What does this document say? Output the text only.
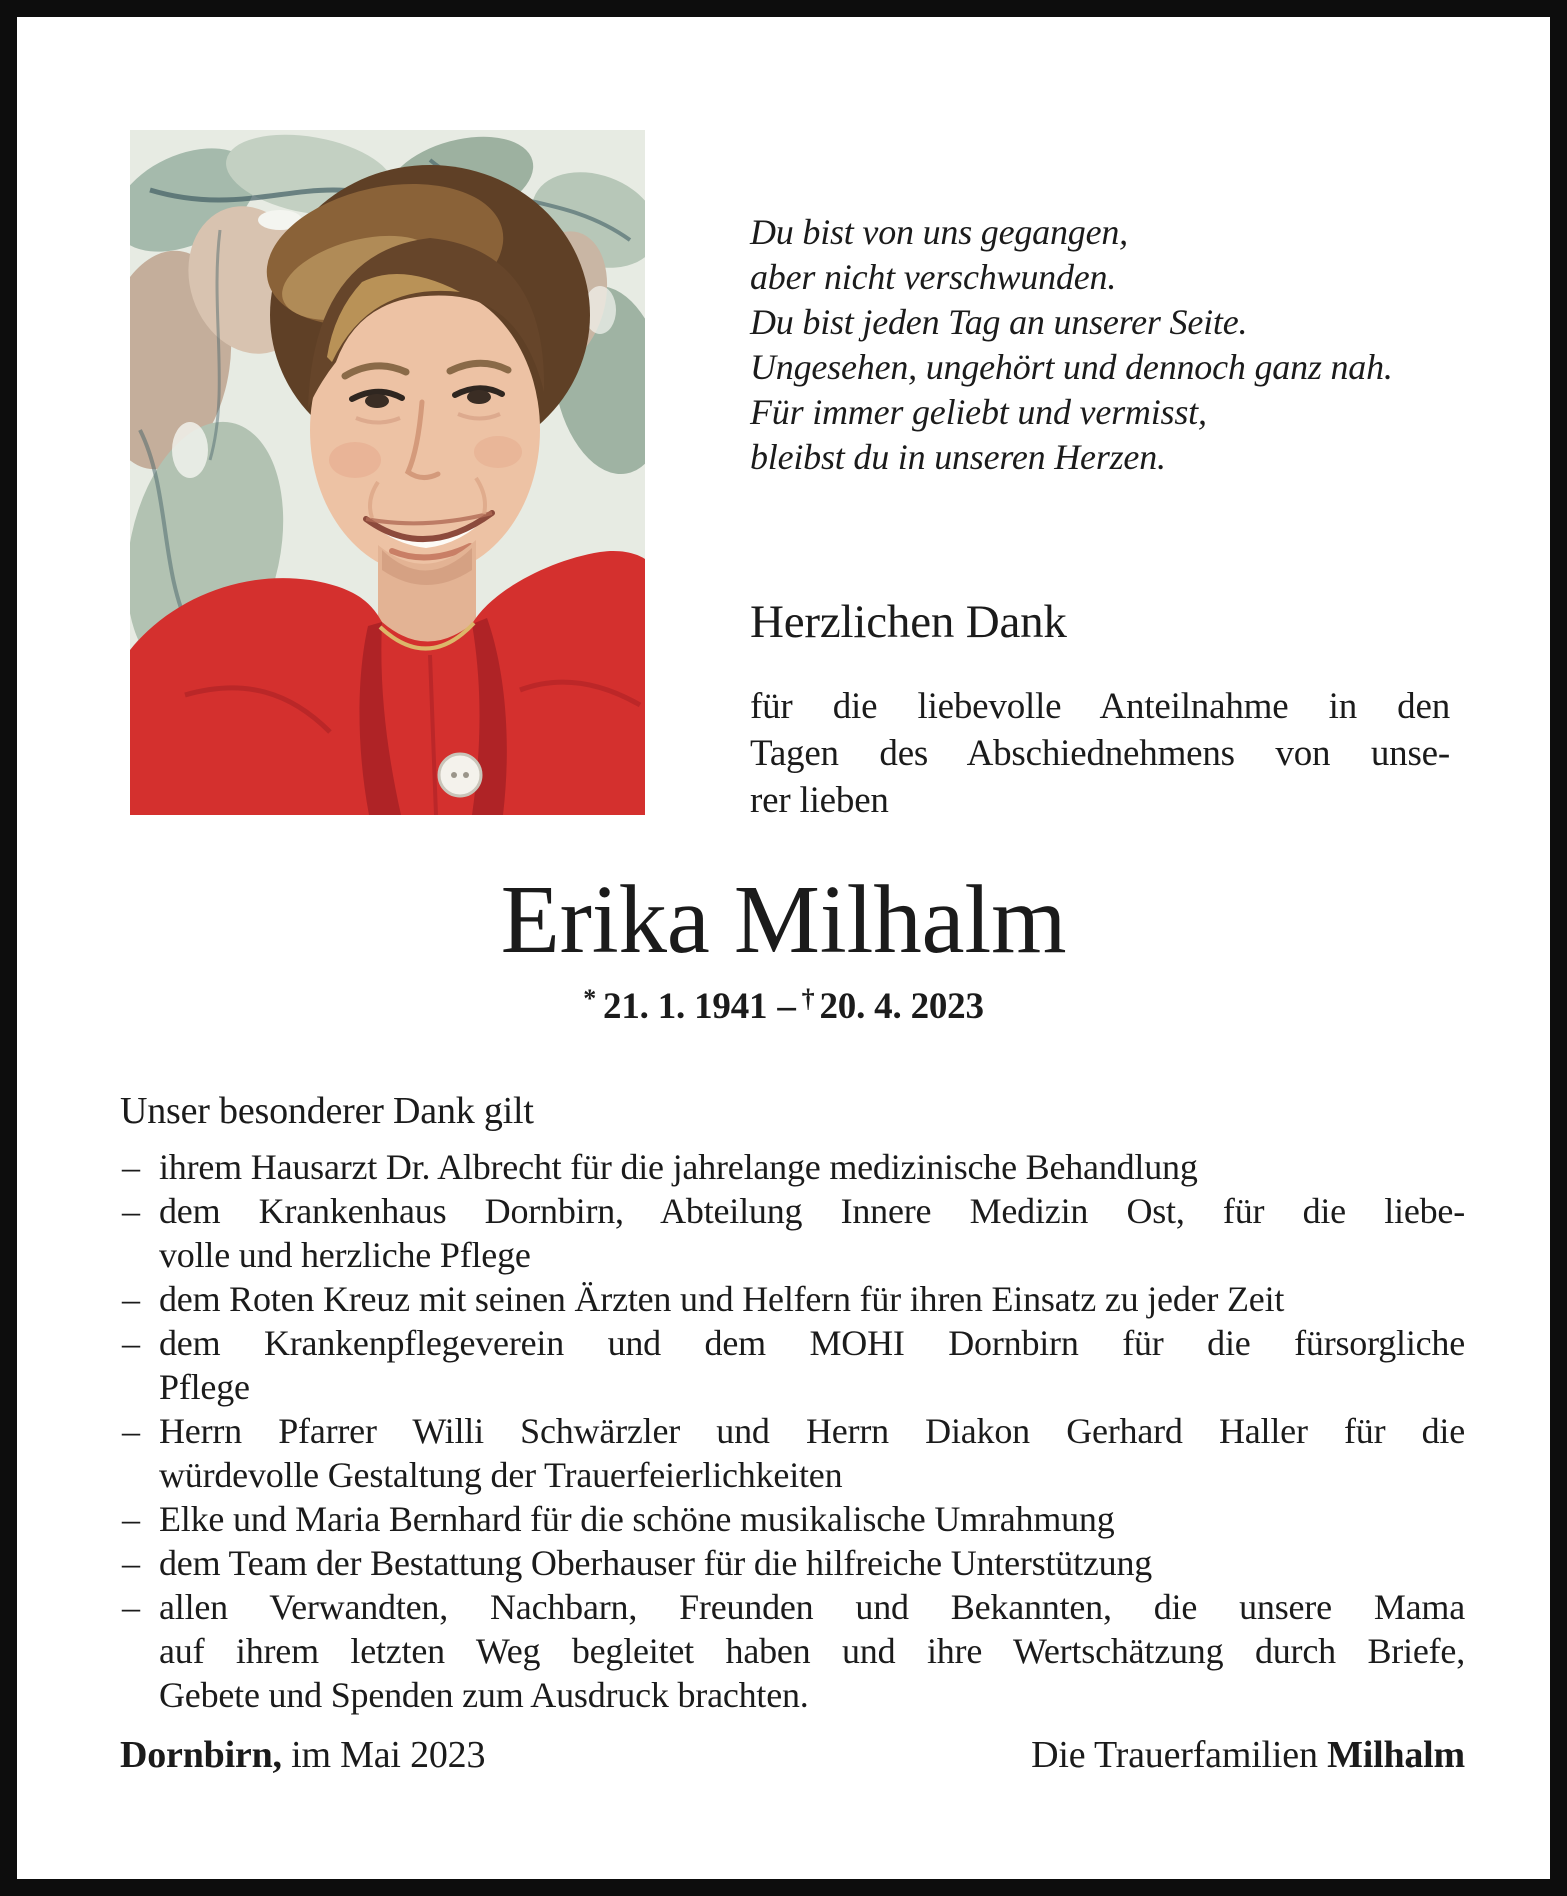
Du bist von uns gegangen,
aber nicht verschwunden.
Du bist jeden Tag an unserer Seite.
Ungesehen, ungehört und dennoch ganz nah.
Für immer geliebt und vermisst,
bleibst du in unseren Herzen.
Herzlichen Dank
für die liebevolle Anteilnahme in den
Tagen des Abschiednehmens von unse-
rer lieben
Erika Milhalm
* 21. 1. 1941 – † 20. 4. 2023
Unser besonderer Dank gilt
– ihrem Hausarzt Dr. Albrecht für die jahrelange medizinische Behandlung
– dem Krankenhaus Dornbirn, Abteilung Innere Medizin Ost, für die liebe-
volle und herzliche Pflege
– dem Roten Kreuz mit seinen Ärzten und Helfern für ihren Einsatz zu jeder Zeit
– dem Krankenpflegeverein und dem MOHI Dornbirn für die fürsorgliche
Pflege
– Herrn Pfarrer Willi Schwärzler und Herrn Diakon Gerhard Haller für die
würdevolle Gestaltung der Trauerfeierlichkeiten
– Elke und Maria Bernhard für die schöne musikalische Umrahmung
– dem Team der Bestattung Oberhauser für die hilfreiche Unterstützung
– allen Verwandten, Nachbarn, Freunden und Bekannten, die unsere Mama
auf ihrem letzten Weg begleitet haben und ihre Wertschätzung durch Briefe,
Gebete und Spenden zum Ausdruck brachten.
Dornbirn, im Mai 2023	Die Trauerfamilien Milhalm
